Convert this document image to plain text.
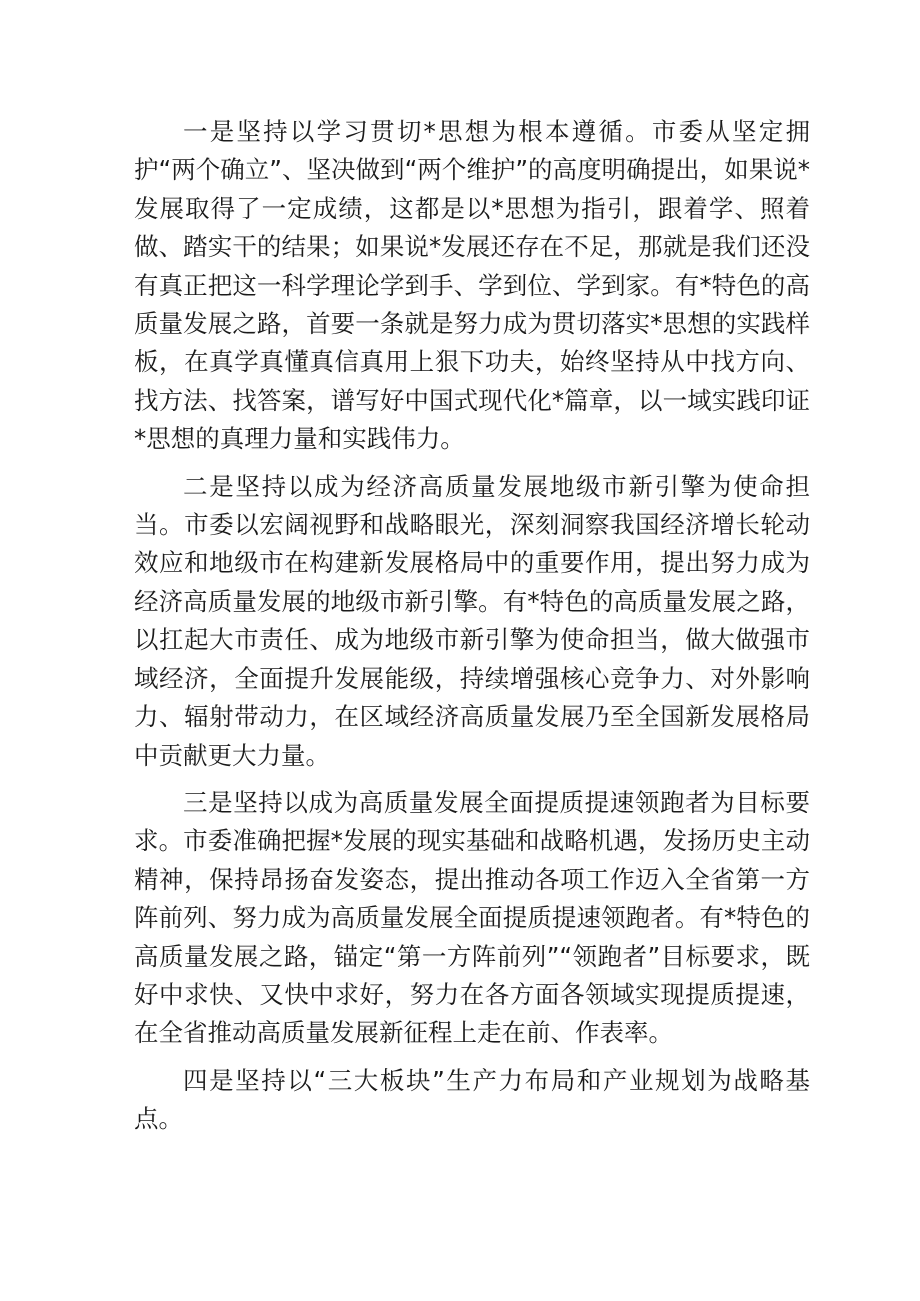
一是坚持以学习贯切*思想为根本遵循。市委从坚定拥护“两个确立”、坚决做到“两个维护”的高度明确提出，如果说*发展取得了一定成绩，这都是以*思想为指引，跟着学、照着做、踏实干的结果；如果说*发展还存在不足，那就是我们还没有真正把这一科学理论学到手、学到位、学到家。有*特色的高质量发展之路，首要一条就是努力成为贯切落实*思想的实践样板，在真学真懂真信真用上狠下功夫，始终坚持从中找方向、找方法、找答案，谱写好中国式现代化*篇章，以一域实践印证*思想的真理力量和实践伟力。

二是坚持以成为经济高质量发展地级市新引擎为使命担当。市委以宏阔视野和战略眼光，深刻洞察我国经济增长轮动效应和地级市在构建新发展格局中的重要作用，提出努力成为经济高质量发展的地级市新引擎。有*特色的高质量发展之路，以扛起大市责任、成为地级市新引擎为使命担当，做大做强市域经济，全面提升发展能级，持续增强核心竞争力、对外影响力、辐射带动力，在区域经济高质量发展乃至全国新发展格局中贡献更大力量。

三是坚持以成为高质量发展全面提质提速领跑者为目标要求。市委准确把握*发展的现实基础和战略机遇，发扬历史主动精神，保持昂扬奋发姿态，提出推动各项工作迈入全省第一方阵前列、努力成为高质量发展全面提质提速领跑者。有*特色的高质量发展之路，锚定“第一方阵前列”“领跑者”目标要求，既好中求快、又快中求好，努力在各方面各领域实现提质提速，在全省推动高质量发展新征程上走在前、作表率。

四是坚持以“三大板块”生产力布局和产业规划为战略基点。
